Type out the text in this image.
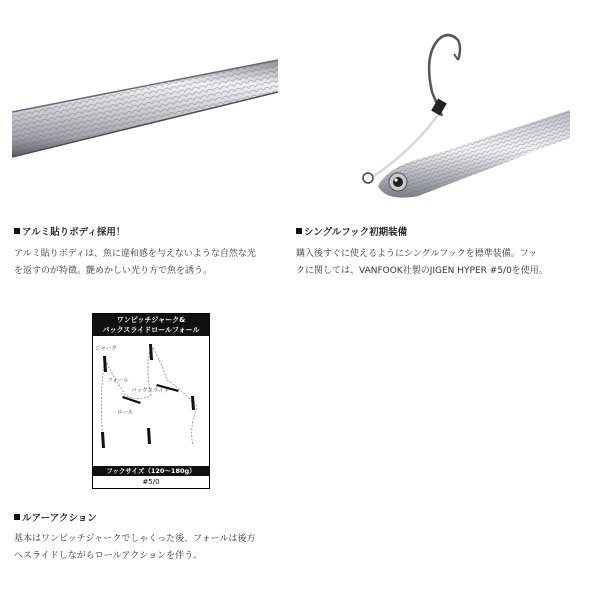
アルミ貼りボディ採用！

アルミ貼りボディは、魚に違和感を与えないような自然な光

を返すのが特徴。艶めかしい光り方で魚を誘う。

シングルフック初期装備

購入後すぐに使えるようにシングルフックを標準装備。フッ

クに関しては、VANFOOK社製のJIGEN HYPER #5/0を使用。

ワンピッチジャーク&
バックスライドロールフォール
ジャーク
フォール
バックスライド
ロール
フックサイズ（120～180g）
#5/0
ルアーアクション

基本はワンピッチジャークでしゃくった後、フォールは後方

へスライドしながらロールアクションを伴う。
